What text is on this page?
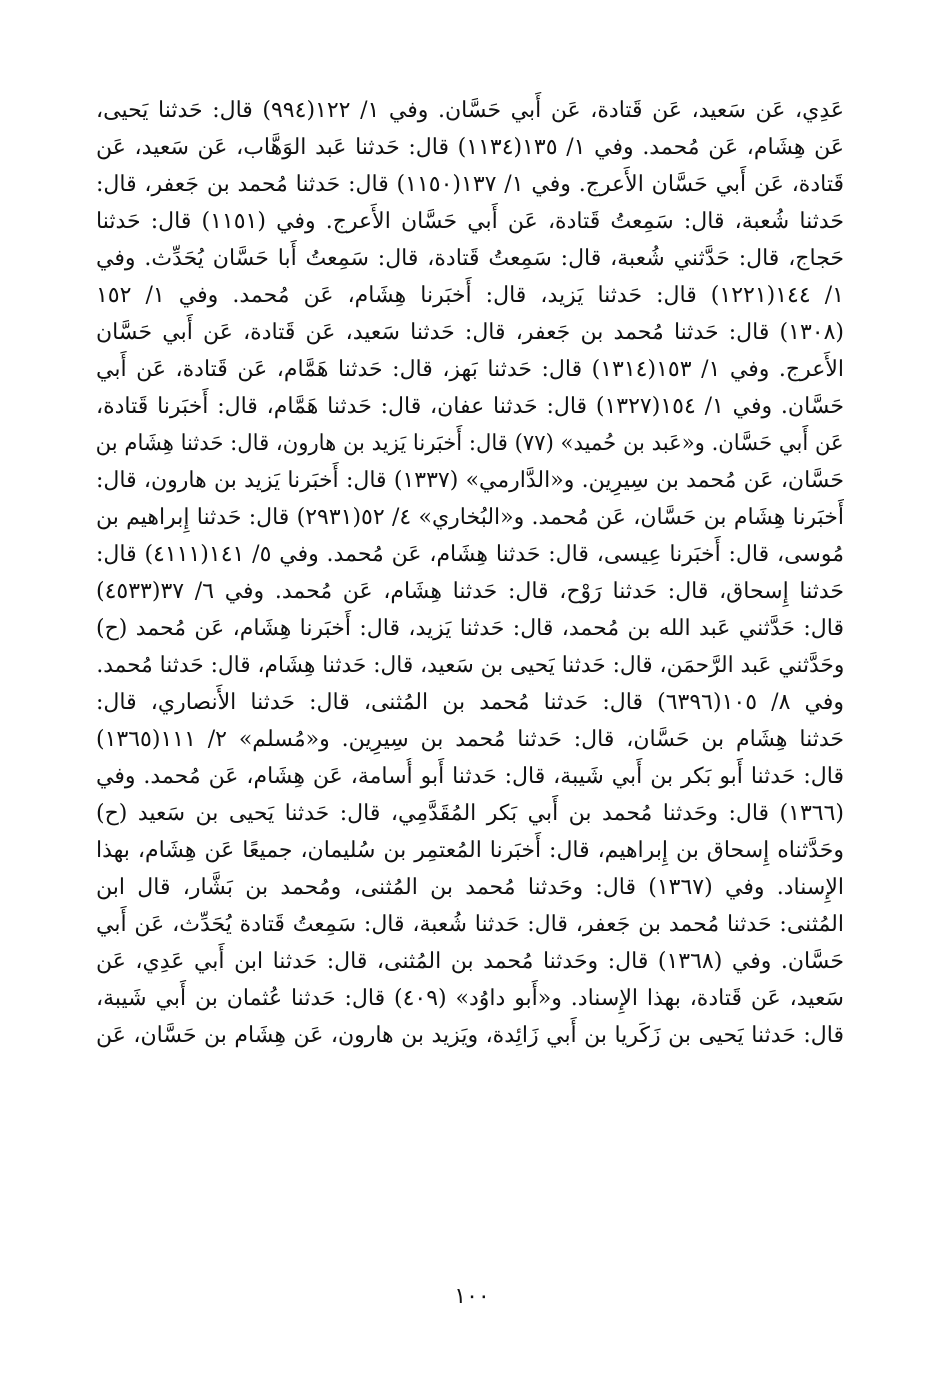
عَدِي، عَن سَعيد، عَن قَتادة، عَن أَبي حَسَّان. وفي ١/ ١٢٢(٩٩٤) قال: حَدثنا يَحيى،
عَن هِشَام، عَن مُحمد. وفي ١/ ١٣٥(١١٣٤) قال: حَدثنا عَبد الوَهَّاب، عَن سَعيد، عَن
قَتادة، عَن أَبي حَسَّان الأَعرج. وفي ١/ ١٣٧(١١٥٠) قال: حَدثنا مُحمد بن جَعفر، قال:
حَدثنا شُعبة، قال: سَمِعتُ قَتادة، عَن أَبي حَسَّان الأَعرج. وفي (١١٥١) قال: حَدثنا
حَجاج، قال: حَدَّثني شُعبة، قال: سَمِعتُ قَتادة، قال: سَمِعتُ أَبا حَسَّان يُحَدِّث. وفي
١/ ١٤٤(١٢٢١) قال: حَدثنا يَزيد، قال: أَخبَرنا هِشَام، عَن مُحمد. وفي ١/ ١٥٢
(١٣٠٨) قال: حَدثنا مُحمد بن جَعفر، قال: حَدثنا سَعيد، عَن قَتادة، عَن أَبي حَسَّان
الأَعرج. وفي ١/ ١٥٣(١٣١٤) قال: حَدثنا بَهز، قال: حَدثنا هَمَّام، عَن قَتادة، عَن أَبي
حَسَّان. وفي ١/ ١٥٤(١٣٢٧) قال: حَدثنا عفان، قال: حَدثنا هَمَّام، قال: أَخبَرنا قَتادة،
عَن أَبي حَسَّان. و«عَبد بن حُميد» (٧٧) قال: أَخبَرنا يَزيد بن هارون، قال: حَدثنا هِشَام بن
حَسَّان، عَن مُحمد بن سِيرِين. و«الدَّارمي» (١٣٣٧) قال: أَخبَرنا يَزيد بن هارون، قال:
أَخبَرنا هِشَام بن حَسَّان، عَن مُحمد. و«البُخاري» ٤/ ٥٢(٢٩٣١) قال: حَدثنا إِبراهيم بن
مُوسى، قال: أَخبَرنا عِيسى، قال: حَدثنا هِشَام، عَن مُحمد. وفي ٥/ ١٤١(٤١١١) قال:
حَدثنا إِسحاق، قال: حَدثنا رَوْح، قال: حَدثنا هِشَام، عَن مُحمد. وفي ٦/ ٣٧(٤٥٣٣)
قال: حَدَّثني عَبد الله بن مُحمد، قال: حَدثنا يَزيد، قال: أَخبَرنا هِشَام، عَن مُحمد (ح)
وحَدَّثني عَبد الرَّحمَن، قال: حَدثنا يَحيى بن سَعيد، قال: حَدثنا هِشَام، قال: حَدثنا مُحمد.
وفي ٨/ ١٠٥(٦٣٩٦) قال: حَدثنا مُحمد بن المُثنى، قال: حَدثنا الأَنصاري، قال:
حَدثنا هِشَام بن حَسَّان، قال: حَدثنا مُحمد بن سِيرِين. و«مُسلم» ٢/ ١١١(١٣٦٥)
قال: حَدثنا أَبو بَكر بن أَبي شَيبة، قال: حَدثنا أَبو أُسامة، عَن هِشَام، عَن مُحمد. وفي
(١٣٦٦) قال: وحَدثنا مُحمد بن أَبي بَكر المُقَدَّمِي، قال: حَدثنا يَحيى بن سَعيد (ح)
وحَدَّثناه إِسحاق بن إِبراهيم، قال: أَخبَرنا المُعتمِر بن سُليمان، جميعًا عَن هِشَام، بهذا
الإِسناد. وفي (١٣٦٧) قال: وحَدثنا مُحمد بن المُثنى، ومُحمد بن بَشَّار، قال ابن
المُثنى: حَدثنا مُحمد بن جَعفر، قال: حَدثنا شُعبة، قال: سَمِعتُ قَتادة يُحَدِّث، عَن أَبي
حَسَّان. وفي (١٣٦٨) قال: وحَدثنا مُحمد بن المُثنى، قال: حَدثنا ابن أَبي عَدِي، عَن
سَعيد، عَن قَتادة، بهذا الإِسناد. و«أَبو داوُد» (٤٠٩) قال: حَدثنا عُثمان بن أَبي شَيبة،
قال: حَدثنا يَحيى بن زَكَريا بن أَبي زَائِدة، ويَزيد بن هارون، عَن هِشَام بن حَسَّان، عَن
١٠٠
